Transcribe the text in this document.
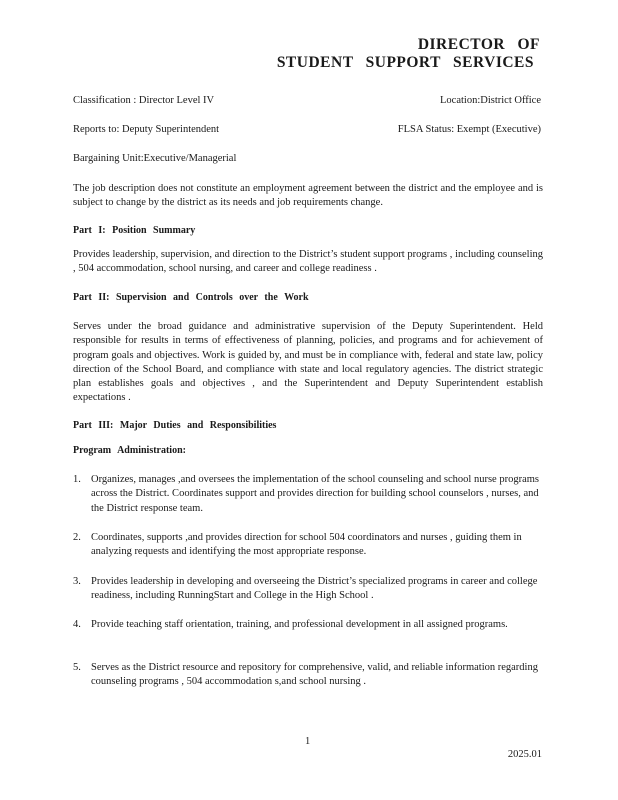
DIRECTOR OF
STUDENT SUPPORT SERVICES
Classification : Director Level IV	Location:District Office
Reports to: Deputy Superintendent	FLSA Status: Exempt (Executive)
Bargaining Unit:Executive/Managerial
The job description does not constitute an employment agreement between the district and the employee and is subject to change by the district as its needs and job requirements change.
Part I: Position Summary
Provides leadership, supervision, and direction to the District’s student support programs , including counseling , 504 accommodation, school nursing, and career and college readiness .
Part II: Supervision and Controls over the Work
Serves under the broad guidance and administrative supervision of the Deputy Superintendent. Held responsible for results in terms of effectiveness of planning, policies, and programs and for achievement of program goals and objectives. Work is guided by, and must be in compliance with, federal and state law, policy direction of the School Board, and compliance with state and local regulatory agencies. The district strategic plan establishes goals and objectives , and the Superintendent and Deputy Superintendent establish expectations .
Part III: Major Duties and Responsibilities
Program Administration:
1. Organizes, manages ,and oversees the implementation of the school counseling and school nurse programs across the District. Coordinates support and provides direction for building school counselors , nurses, and the District response team.
2. Coordinates, supports ,and provides direction for school 504 coordinators and nurses , guiding them in analyzing requests and identifying the most appropriate response.
3. Provides leadership in developing and overseeing the District’s specialized programs in career and college readiness, including RunningStart and College in the High School .
4. Provide teaching staff orientation, training, and professional development in all assigned programs.
5. Serves as the District resource and repository for comprehensive, valid, and reliable information regarding counseling programs , 504 accommodation s,and school nursing .
1
2025.01
